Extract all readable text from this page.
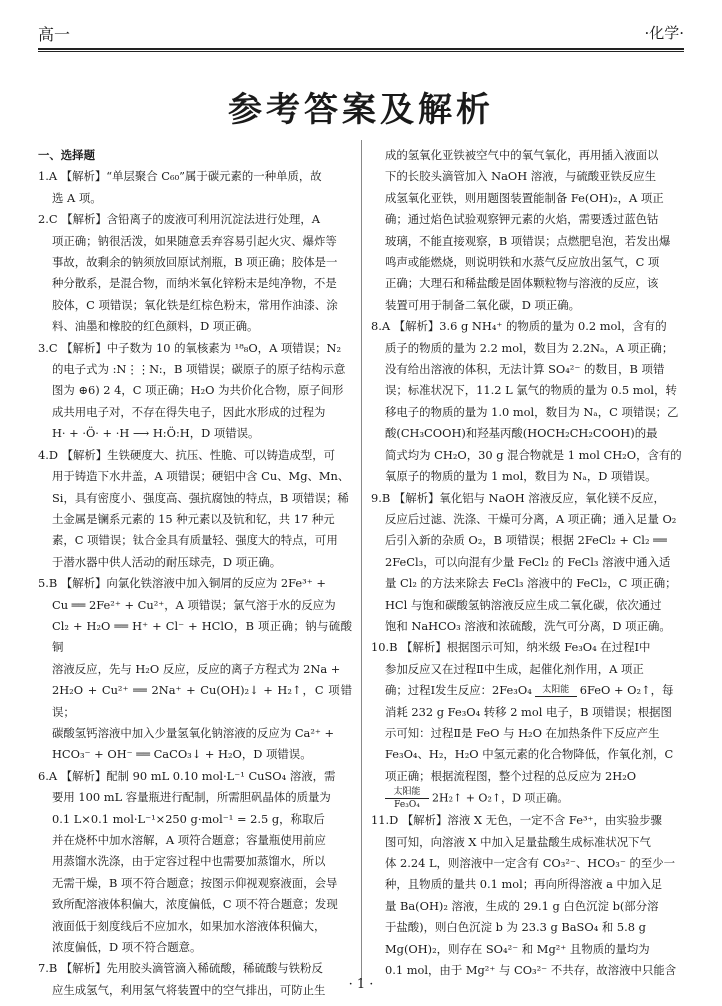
高一	·化学·
参考答案及解析

一、选择题

1.A 【解析】“单层聚合 C₆₀”属于碳元素的一种单质，故

选 A 项。

2.C 【解析】含铅离子的废液可利用沉淀法进行处理，A

项正确；钠很活泼，如果随意丢弃容易引起火灾、爆炸等

事故，故剩余的钠须放回原试剂瓶，B 项正确；胶体是一

种分散系，是混合物，而纳米氧化锌粉末是纯净物，不是

胶体，C 项错误；氧化铁是红棕色粉末，常用作油漆、涂

料、油墨和橡胶的红色颜料，D 项正确。

3.C 【解析】中子数为 10 的氧核素为 ¹⁸₈O，A 项错误；N₂

的电子式为 :N⋮⋮N:，B 项错误；碳原子的原子结构示意

图为 ⊕6) 2 4，C 项正确；H₂O 为共价化合物，原子间形

成共用电子对，不存在得失电子，因此水形成的过程为

H· + ·Ö· + ·H ⟶ H:Ö:H，D 项错误。

4.D 【解析】生铁硬度大、抗压、性脆、可以铸造成型，可

用于铸造下水井盖，A 项错误；硬铝中含 Cu、Mg、Mn、

Si，具有密度小、强度高、强抗腐蚀的特点，B 项错误；稀

土金属是镧系元素的 15 种元素以及钪和钇，共 17 种元

素，C 项错误；钛合金具有质量轻、强度大的特点，可用

于潜水器中供人活动的耐压球壳，D 项正确。

5.B 【解析】向氯化铁溶液中加入铜屑的反应为 2Fe³⁺ +

Cu ══ 2Fe²⁺ + Cu²⁺，A 项错误；氯气溶于水的反应为

Cl₂ + H₂O ══ H⁺ + Cl⁻ + HClO，B 项正确；钠与硫酸铜

溶液反应，先与 H₂O 反应，反应的离子方程式为 2Na +

2H₂O + Cu²⁺ ══ 2Na⁺ + Cu(OH)₂↓ + H₂↑，C 项错误；

碳酸氢钙溶液中加入少量氢氧化钠溶液的反应为 Ca²⁺ +

HCO₃⁻ + OH⁻ ══ CaCO₃↓ + H₂O，D 项错误。

6.A 【解析】配制 90 mL 0.10 mol·L⁻¹ CuSO₄ 溶液，需

要用 100 mL 容量瓶进行配制，所需胆矾晶体的质量为

0.1 L×0.1 mol·L⁻¹×250 g·mol⁻¹ = 2.5 g，称取后

并在烧杯中加水溶解，A 项符合题意；容量瓶使用前应

用蒸馏水洗涤，由于定容过程中也需要加蒸馏水，所以

无需干燥，B 项不符合题意；按图示仰视观察液面，会导

致所配溶液体积偏大，浓度偏低，C 项不符合题意；发现

液面低于刻度线后不应加水，如果加水溶液体积偏大，

浓度偏低，D 项不符合题意。

7.B 【解析】先用胶头滴管滴入稀硫酸，稀硫酸与铁粉反

应生成氢气，利用氢气将装置中的空气排出，可防止生

成的氢氧化亚铁被空气中的氧气氧化，再用插入液面以

下的长胶头滴管加入 NaOH 溶液，与硫酸亚铁反应生

成氢氧化亚铁，则用题图装置能制备 Fe(OH)₂，A 项正

确；通过焰色试验观察钾元素的火焰，需要透过蓝色钴

玻璃，不能直接观察，B 项错误；点燃肥皂泡，若发出爆

鸣声或能燃烧，则说明铁和水蒸气反应放出氢气，C 项

正确；大理石和稀盐酸是固体颗粒物与溶液的反应，该

装置可用于制备二氧化碳，D 项正确。

8.A 【解析】3.6 g NH₄⁺ 的物质的量为 0.2 mol，含有的

质子的物质的量为 2.2 mol，数目为 2.2Nₐ，A 项正确；

没有给出溶液的体积，无法计算 SO₄²⁻ 的数目，B 项错

误；标准状况下，11.2 L 氯气的物质的量为 0.5 mol，转

移电子的物质的量为 1.0 mol，数目为 Nₐ，C 项错误；乙

酸(CH₃COOH)和羟基丙酸(HOCH₂CH₂COOH)的最

简式均为 CH₂O，30 g 混合物就是 1 mol CH₂O，含有的

氧原子的物质的量为 1 mol，数目为 Nₐ，D 项错误。

9.B 【解析】氧化铝与 NaOH 溶液反应，氧化镁不反应，

反应后过滤、洗涤、干燥可分离，A 项正确；通入足量 O₂

后引入新的杂质 O₂，B 项错误；根据 2FeCl₂ + Cl₂ ══

2FeCl₃，可以向混有少量 FeCl₂ 的 FeCl₃ 溶液中通入适

量 Cl₂ 的方法来除去 FeCl₃ 溶液中的 FeCl₂，C 项正确；

HCl 与饱和碳酸氢钠溶液反应生成二氧化碳，依次通过

饱和 NaHCO₃ 溶液和浓硫酸，洗气可分离，D 项正确。

10.B 【解析】根据图示可知，纳米级 Fe₃O₄ 在过程Ⅰ中

参加反应又在过程Ⅱ中生成，起催化剂作用，A 项正

确；过程Ⅰ发生反应：2Fe₃O₄	太阳能 6FeO + O₂↑，每

消耗 232 g Fe₃O₄ 转移 2 mol 电子，B 项错误；根据图

示可知：过程Ⅱ是 FeO 与 H₂O 在加热条件下反应产生

Fe₃O₄、H₂，H₂O 中氢元素的化合物降低，作氧化剂，C

项正确；根据流程图，整个过程的总反应为 2H₂O

太阳能
Fe₃O₄
2H₂↑ + O₂↑，D 项正确。

11.D 【解析】溶液 X 无色，一定不含 Fe³⁺，由实验步骤

图可知，向溶液 X 中加入足量盐酸生成标准状况下气

体 2.24 L，则溶液中一定含有 CO₃²⁻、HCO₃⁻ 的至少一

种，且物质的量共 0.1 mol；再向所得溶液 a 中加入足

量 Ba(OH)₂ 溶液，生成的 29.1 g 白色沉淀 b(部分溶

于盐酸)，则白色沉淀 b 为 23.3 g BaSO₄ 和 5.8 g

Mg(OH)₂，则存在 SO₄²⁻ 和 Mg²⁺ 且物质的量均为

0.1 mol，由于 Mg²⁺ 与 CO₃²⁻ 不共存，故溶液中只能含

· 1 ·
